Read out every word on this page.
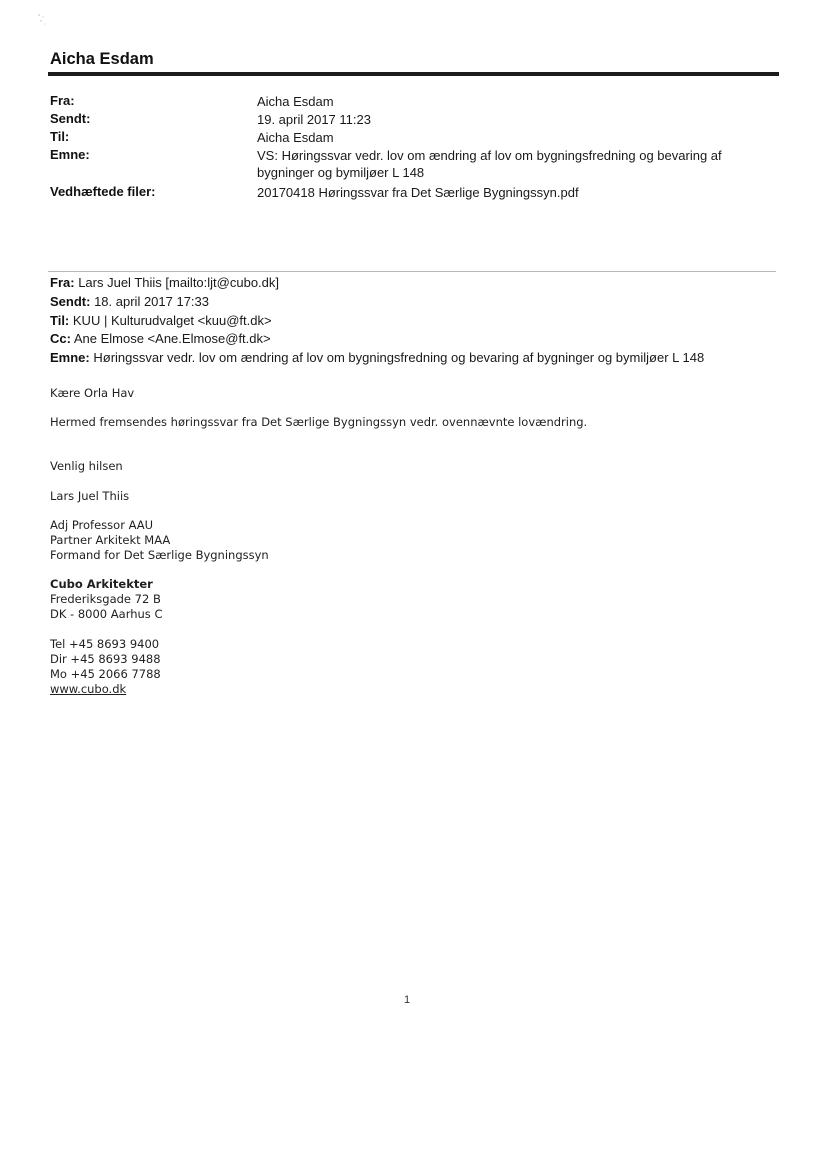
Aicha Esdam
Fra:	Aicha Esdam
Sendt:	19. april 2017 11:23
Til:	Aicha Esdam
Emne:	VS: Høringssvar vedr. lov om ændring af lov om bygningsfredning og bevaring af bygninger og bymiljøer L 148
Vedhæftede filer:	20170418 Høringssvar fra Det Særlige Bygningssyn.pdf
Fra: Lars Juel Thiis [mailto:ljt@cubo.dk]
Sendt: 18. april 2017 17:33
Til: KUU | Kulturudvalget <kuu@ft.dk>
Cc: Ane Elmose <Ane.Elmose@ft.dk>
Emne: Høringssvar vedr. lov om ændring af lov om bygningsfredning og bevaring af bygninger og bymiljøer L 148
Kære Orla Hav
Hermed fremsendes høringssvar fra Det Særlige Bygningssyn vedr. ovennævnte lovændring.
Venlig hilsen
Lars Juel Thiis
Adj Professor AAU
Partner Arkitekt MAA
Formand for Det Særlige Bygningssyn
Cubo Arkitekter
Frederiksgade 72 B
DK - 8000 Aarhus C
Tel +45 8693 9400
Dir +45 8693 9488
Mo +45 2066 7788
www.cubo.dk
1
